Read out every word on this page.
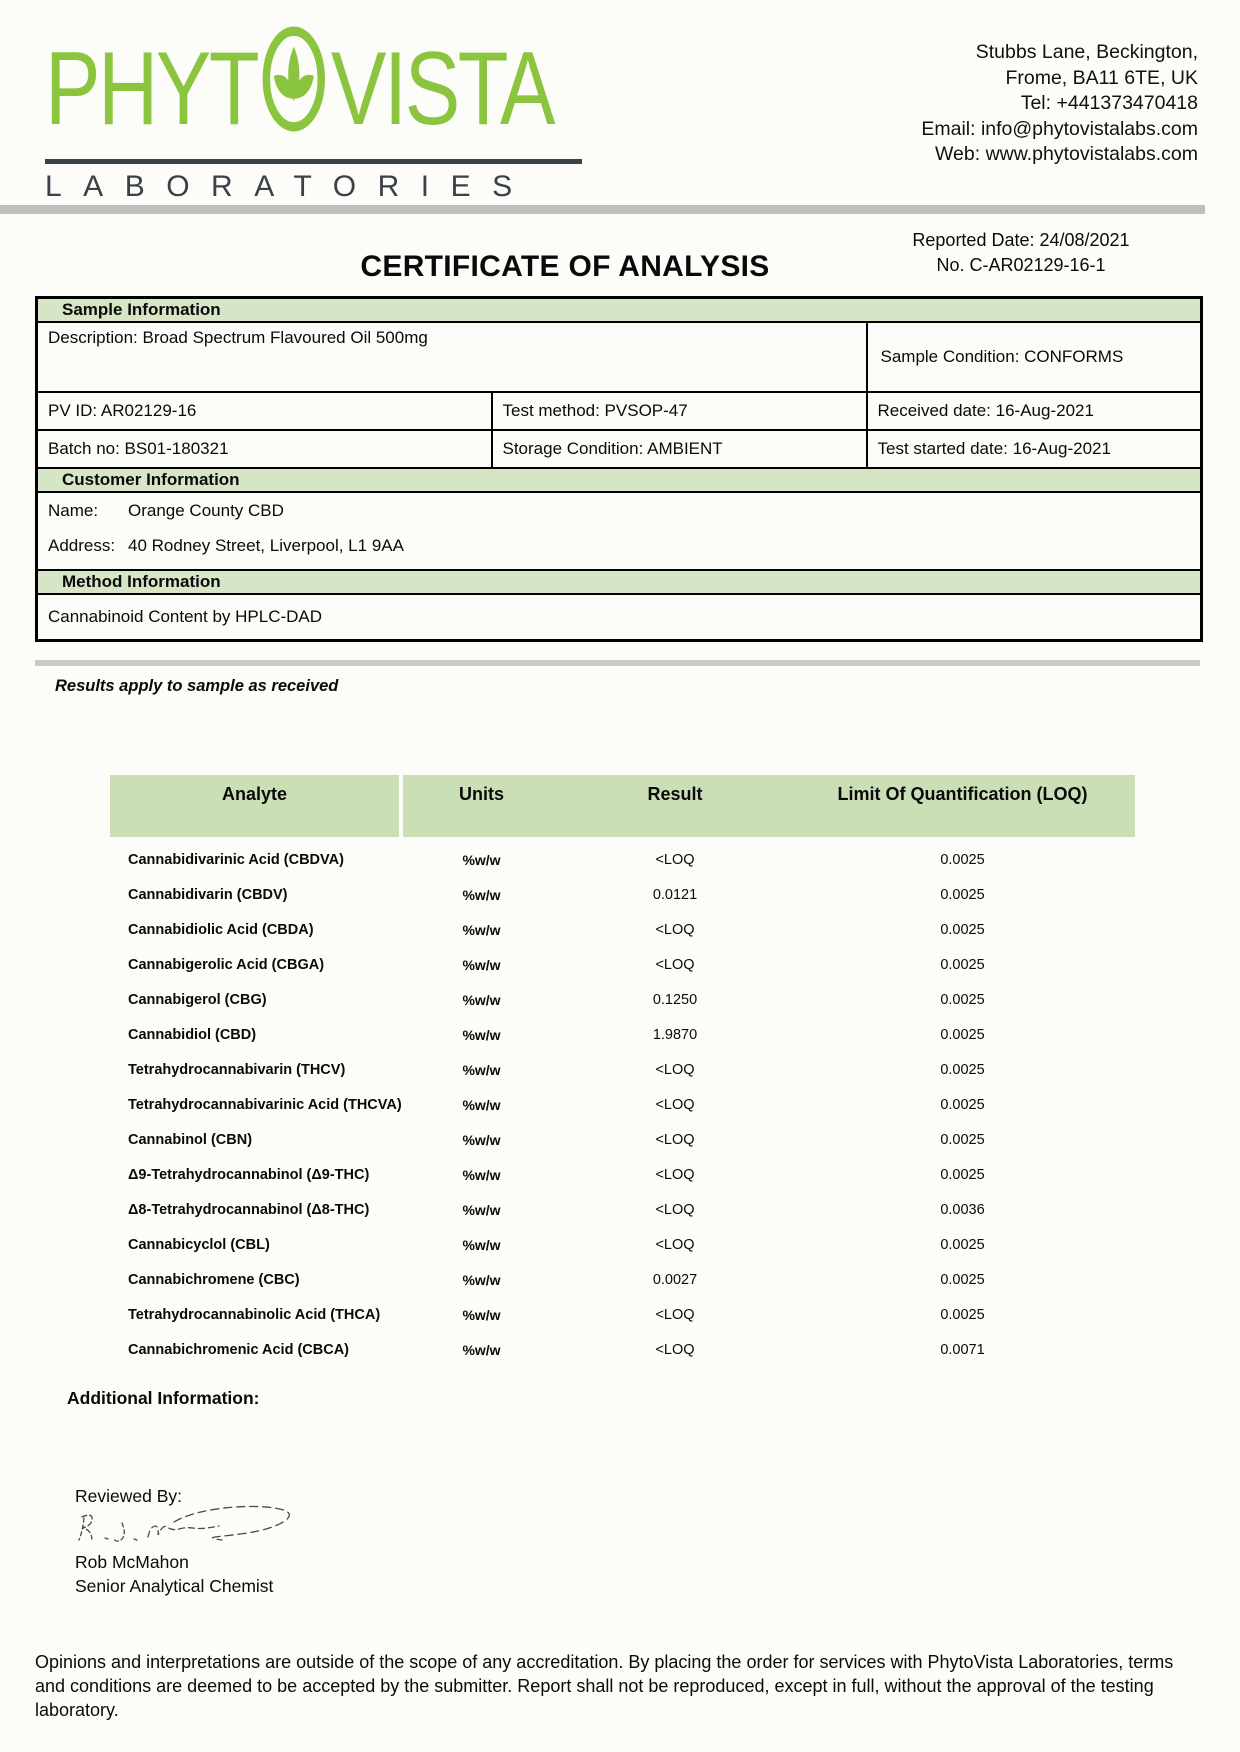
PHYT VISTA
LABORATORIES
Stubbs Lane, Beckington,
Frome, BA11 6TE, UK
Tel: +441373470418
Email: info@phytovistalabs.com
Web: www.phytovistalabs.com
Reported Date: 24/08/2021
No. C-AR02129-16-1
CERTIFICATE OF ANALYSIS
Sample Information		
Description: Broad Spectrum Flavoured Oil 500mg		Sample Condition: CONFORMS
PV ID: AR02129-16	Test method: PVSOP-47	Received date: 16-Aug-2021
Batch no: BS01-180321	Storage Condition: AMBIENT	Test started date: 16-Aug-2021
Customer Information		

Name: Orange County CBD
Address: 40 Rodney Street, Liverpool, L1 9AA		

Method Information		
Cannabinoid Content by HPLC-DAD		
Results apply to sample as received
Analyte	Units	Result	Limit Of Quantification (LOQ)
Cannabidivarinic Acid (CBDVA)	%w/w	<LOQ	0.0025
Cannabidivarin (CBDV)	%w/w	0.0121	0.0025
Cannabidiolic Acid (CBDA)	%w/w	<LOQ	0.0025
Cannabigerolic Acid (CBGA)	%w/w	<LOQ	0.0025
Cannabigerol (CBG)	%w/w	0.1250	0.0025
Cannabidiol (CBD)	%w/w	1.9870	0.0025
Tetrahydrocannabivarin (THCV)	%w/w	<LOQ	0.0025
Tetrahydrocannabivarinic Acid (THCVA)	%w/w	<LOQ	0.0025
Cannabinol (CBN)	%w/w	<LOQ	0.0025
Δ9-Tetrahydrocannabinol (Δ9-THC)	%w/w	<LOQ	0.0025
Δ8-Tetrahydrocannabinol (Δ8-THC)	%w/w	<LOQ	0.0036
Cannabicyclol (CBL)	%w/w	<LOQ	0.0025
Cannabichromene (CBC)	%w/w	0.0027	0.0025
Tetrahydrocannabinolic Acid (THCA)	%w/w	<LOQ	0.0025
Cannabichromenic Acid (CBCA)	%w/w	<LOQ	0.0071
Additional Information:
Reviewed By:
Rob McMahon
Senior Analytical Chemist
Opinions and interpretations are outside of the scope of any accreditation. By placing the order for services with PhytoVista Laboratories, terms and conditions are deemed to be accepted by the submitter. Report shall not be reproduced, except in full, without the approval of the testing laboratory.
